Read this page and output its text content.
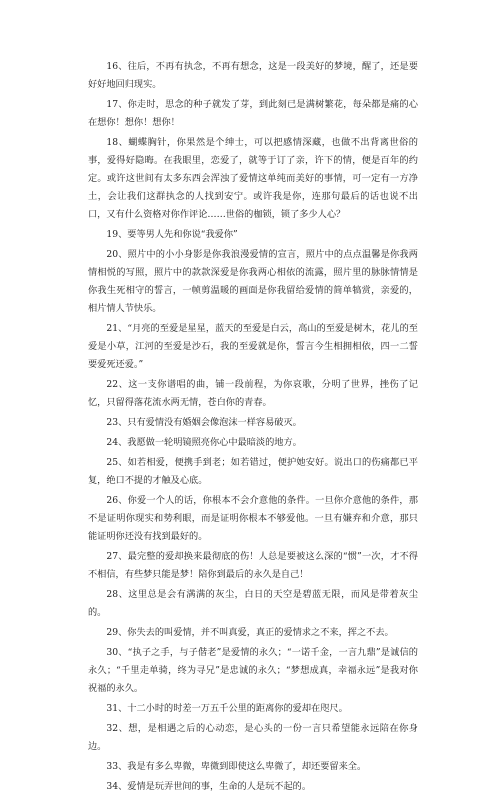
16、往后，不再有执念，不再有想念，这是一段美好的梦境，醒了，还是要好好地回归现实。

17、你走时，思念的种子就发了芽，到此刻已是满树繁花，每朵都是痛的心在想你！想你！想你！

18、蝴蝶胸针，你果然是个绅士，可以把感情深藏，也做不出背离世俗的事，爱得好隐晦。在我眼里，恋爱了，就等于订了亲，许下的情，便是百年的约定。或许这世间有太多东西会浑浊了爱情这单纯而美好的事情，可一定有一方净土，会让我们这群执念的人找到安宁。或许我是你，连那句最后的话也说不出口，又有什么资格对你作评论……世俗的枷锁，锁了多少人心？

19、要等男人先和你说“我爱你”

20、照片中的小小身影是你我浪漫爱情的宣言，照片中的点点温馨是你我两情相悦的写照，照片中的款款深爱是你我两心相依的流露，照片里的脉脉情情是你我生死相守的誓言，一帧剪温暖的画面是你我留给爱情的简单犒赏，亲爱的，相片情人节快乐。

21、“月亮的至爱是星星，蓝天的至爱是白云，高山的至爱是树木，花儿的至爱是小草，江河的至爱是沙石，我的至爱就是你，誓言今生相拥相依，四一二誓要爱死还爱。”

22、这一支你谱唱的曲，铺一段前程，为你哀歌，分明了世界，挫伤了记忆，只留得落花流水两无情，苍白你的青春。

23、只有爱情没有婚姻会像泡沫一样容易破灭。

24、我愿做一轮明镜照亮你心中最暗淡的地方。

25、如若相爱，便携手到老；如若错过，便护她安好。说出口的伤痛都已平复，绝口不提的才触及心底。

26、你爱一个人的话，你根本不会介意他的条件。一旦你介意他的条件，那不是证明你现实和势利眼，而是证明你根本不够爱他。一旦有嫌弃和介意，那只能证明你还没有找到最好的。

27、最完整的爱却换来最彻底的伤！人总是要被这么深的“惯”一次，才不得不相信，有些梦只能是梦！陪你到最后的永久是自己！

28、这里总是会有满满的灰尘，白日的天空是碧蓝无限，而风是带着灰尘的。

29、你失去的叫爱情，并不叫真爱，真正的爱情求之不来，挥之不去。

30、“执子之手，与子偕老”是爱情的永久；“一诺千金，一言九鼎”是诚信的永久；“千里走单骑，终为寻兄”是忠诚的永久；“梦想成真，幸福永远”是我对你祝福的永久。

31、十二小时的时差一万五千公里的距离你的爱却在咫尺。

32、想，是相遇之后的心动恋，是心头的一份一言只希望能永远陪在你身边。

33、我是有多么卑微，卑微到即使这么卑微了，却还要留来全。

34、爱情是玩弄世间的事，生命的人是玩不起的。
